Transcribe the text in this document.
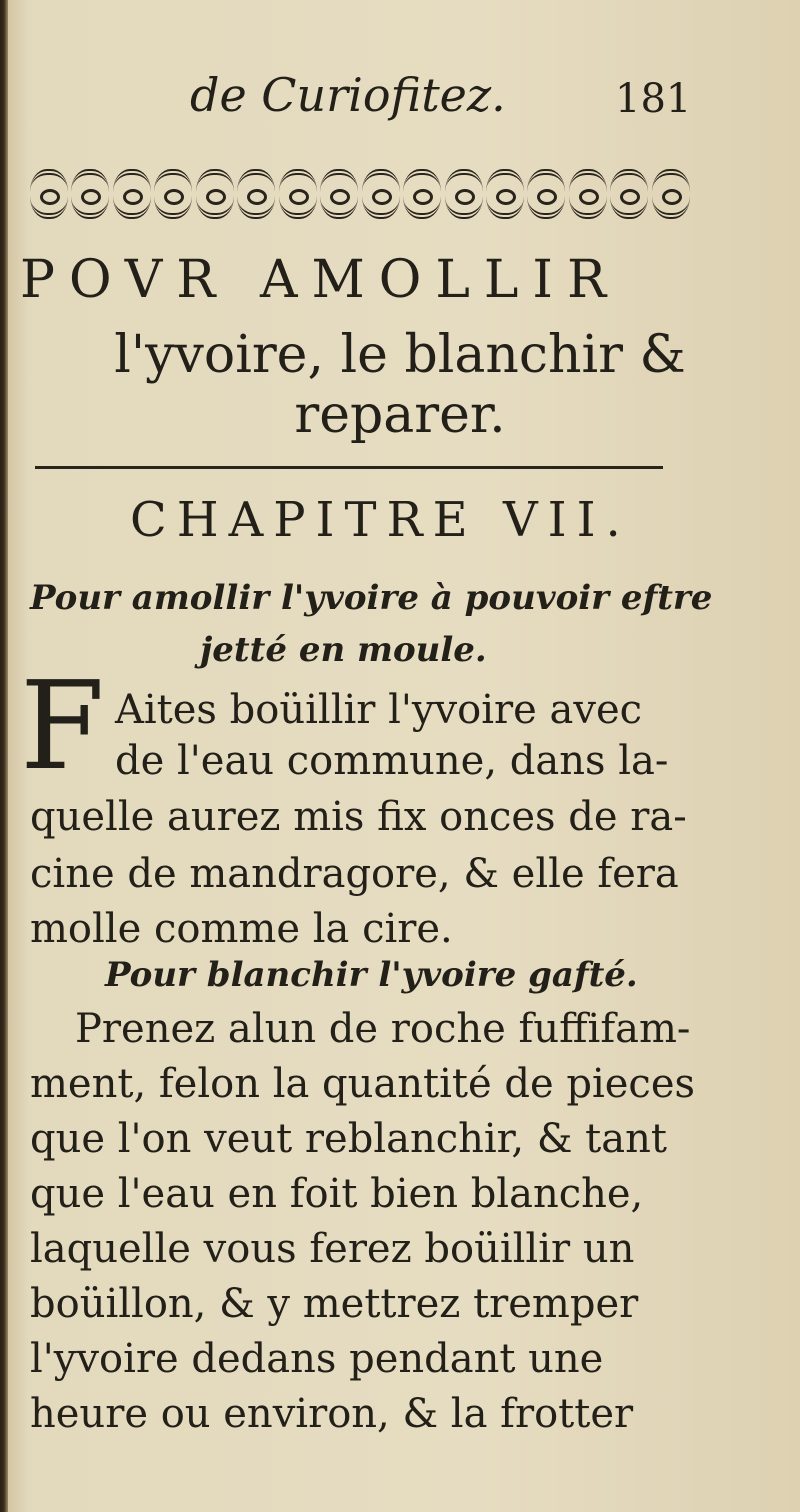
de Curiofitez.	181
POVR AMOLLIR
l'yvoire, le blanchir &
reparer.
CHAPITRE VII.
Pour amollir l'yvoire à pouvoir eftre
jetté en moule.
F Aites boüillir l'yvoire avec
de l'eau commune, dans la-
quelle aurez mis fix onces de ra-
cine de mandragore, & elle fera
molle comme la cire.
Pour blanchir l'yvoire gafté.
Prenez alun de roche fuffifam-
ment, felon la quantité de pieces
que l'on veut reblanchir, & tant
que l'eau en foit bien blanche,
laquelle vous ferez boüillir un
boüillon, & y mettrez tremper
l'yvoire dedans pendant une
heure ou environ, & la frotter
